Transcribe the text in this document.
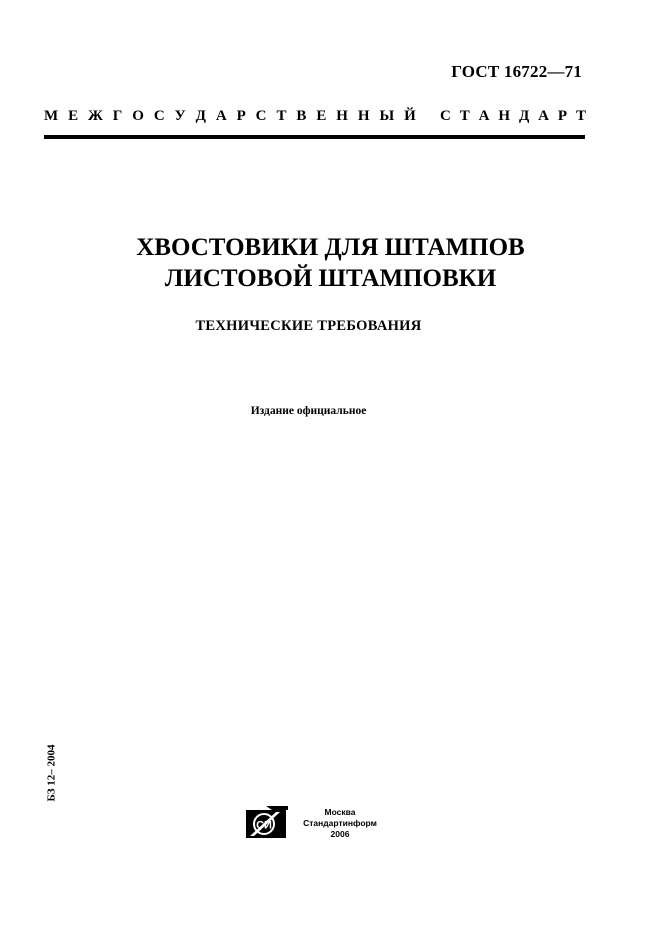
ГОСТ 16722—71
М Е Ж Г О С У Д А Р С Т В Е Н Н Ы Й С Т А Н Д А Р Т
ХВОСТОВИКИ ДЛЯ ШТАМПОВ
ЛИСТОВОЙ ШТАМПОВКИ
ТЕХНИЧЕСКИЕ ТРЕБОВАНИЯ
Издание официальное
БЗ 12– 2004
СИ
Москва
Стандартинформ
2006
